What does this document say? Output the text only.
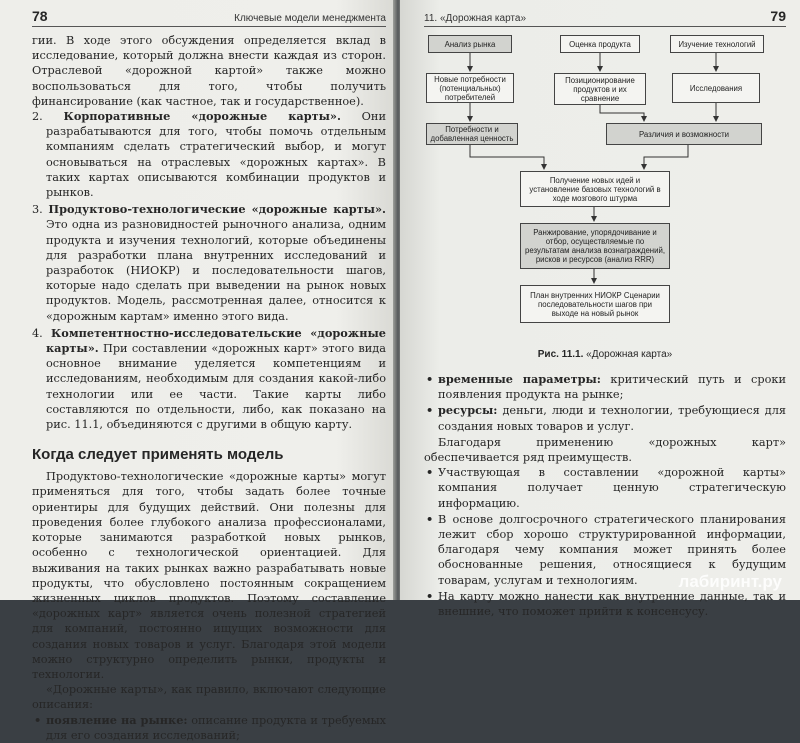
78	Ключевые модели менеджмента

гии. В ходе этого обсуждения определяется вклад в исследование, который должна внести каждая из сторон. Отраслевой «дорожной картой» также можно воспользоваться для того, чтобы получить финансирование (как частное, так и государственное).

2. Корпоративные «дорожные карты». Они разрабатываются для того, чтобы помочь отдельным компаниям сделать стратегический выбор, и могут основываться на отраслевых «дорожных картах». В таких картах описываются комбинации продуктов и рынков.
3. Продуктово-технологические «дорожные карты». Это одна из разновидностей рыночного анализа, одним продукта и изучения технологий, которые объединены для разработки плана внутренних исследований и разработок (НИОКР) и последовательности шагов, которые надо сделать при выведении на рынок новых продуктов. Модель, рассмотренная далее, относится к «дорожным картам» именно этого вида.
4. Компетентностно-исследовательские «дорожные карты». При составлении «дорожных карт» этого вида основное внимание уделяется компетенциям и исследованиям, необходимым для создания какой-либо технологии или ее части. Такие карты либо составляются по отдельности, либо, как показано на рис. 11.1, объединяются с другими в общую карту.
Когда следует применять модель

Продуктово-технологические «дорожные карты» могут применяться для того, чтобы задать более точные ориентиры для будущих действий. Они полезны для проведения более глубокого анализа профессионалами, которые занимаются разработкой новых рынков, особенно с технологической ориентацией. Для выживания на таких рынках важно разрабатывать новые продукты, что обусловлено постоянным сокращением жизненных циклов продуктов. Поэтому составление «дорожных карт» является очень полезной стратегией для компаний, постоянно ищущих возможности для создания новых товаров и услуг. Благодаря этой модели можно структурно определить рынки, продукты и технологии.

«Дорожные карты», как правило, включают следующие описания:

• появление на рынке: описание продукта и требуемых для его создания исследований;
11. «Дорожная карта»	79
Анализ рынка	Оценка продукта	Изучение технологий
Новые потребности (потенциальных) потребителей
Позиционирование продуктов и их сравнение
Исследования
Потребности и добавленная ценность	Различия и возможности
Получение новых идей и установление базовых технологий в ходе мозгового штурма
Ранжирование, упорядочивание и отбор, осуществляемые по результатам анализа вознаграждений, рисков и ресурсов (анализ RRR)
План внутренних НИОКР Сценарии последовательности шагов при выходе на новый рынок
Рис. 11.1. «Дорожная карта»
• временные параметры: критический путь и сроки появления продукта на рынке;
• ресурсы: деньги, люди и технологии, требующиеся для создания новых товаров и услуг.

Благодаря применению «дорожных карт» обеспечивается ряд преимуществ.

• Участвующая в составлении «дорожной карты» компания получает ценную стратегическую информацию.
• В основе долгосрочного стратегического планирования лежит сбор хорошо структурированной информации, благодаря чему компания может принять более обоснованные решения, относящиеся к будущим товарам, услугам и технологиям.
• На карту можно нанести как внутренние данные, так и внешние, что поможет прийти к консенсусу.
лабиринт.ру
